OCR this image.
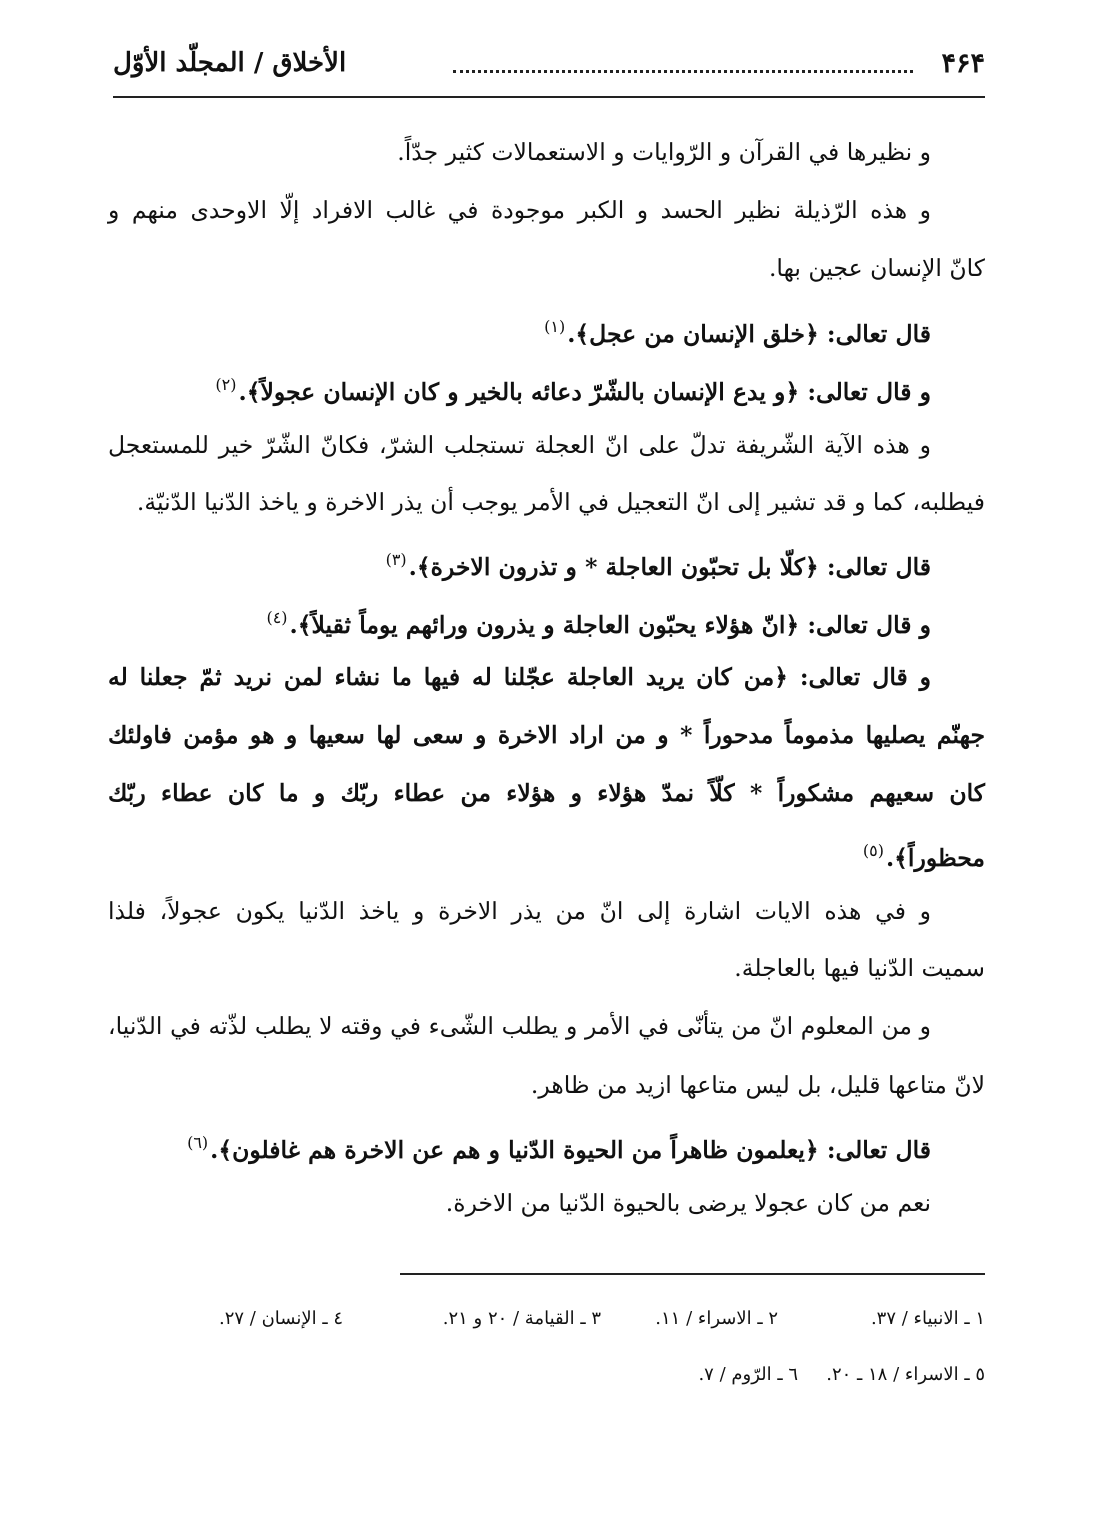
۴۶۴
الأخلاق / المجلّد الأوّل
و نظيرها في القرآن و الرّوايات و الاستعمالات كثير جدّاً.
و هذه الرّذيلة نظير الحسد و الكبر موجودة في غالب الافراد إلّا الاوحدى منهم و
كانّ الإنسان عجين بها.
قال تعالى: ﴿خلق الإنسان من عجل﴾.$^{(١)}$
و قال تعالى: ﴿و يدع الإنسان بالشّرّ دعائه بالخير و كان الإنسان عجولاً﴾.$^{(٢)}$
و هذه الآية الشّريفة تدلّ على انّ العجلة تستجلب الشرّ، فكانّ الشّرّ خير للمستعجل
فيطلبه، كما و قد تشير إلى انّ التعجيل في الأمر يوجب أن يذر الاخرة و ياخذ الدّنيا الدّنيّة.
قال تعالى: ﴿كلّا بل تحبّون العاجلة * و تذرون الاخرة﴾.$^{(٣)}$
و قال تعالى: ﴿انّ هؤلاء يحبّون العاجلة و يذرون ورائهم يوماً ثقيلاً﴾.$^{(٤)}$
و قال تعالى: ﴿من كان يريد العاجلة عجّلنا له فيها ما نشاء لمن نريد ثمّ جعلنا له
جهنّم يصليها مذموماً مدحوراً * و من اراد الاخرة و سعى لها سعيها و هو مؤمن فاولئك
كان سعيهم مشكوراً * كلّاً نمدّ هؤلاء و هؤلاء من عطاء ربّك و ما كان عطاء ربّك
محظوراً﴾.$^{(٥)}$
و في هذه الايات اشارة إلى انّ من يذر الاخرة و ياخذ الدّنيا يكون عجولاً، فلذا
سميت الدّنيا فيها بالعاجلة.
و من المعلوم انّ من يتأنّى في الأمر و يطلب الشّىء في وقته لا يطلب لذّته في الدّنيا،
لانّ متاعها قليل، بل ليس متاعها ازيد من ظاهر.
قال تعالى: ﴿يعلمون ظاهراً من الحيوة الدّنيا و هم عن الاخرة هم غافلون﴾.$^{(٦)}$
نعم من كان عجولا يرضى بالحيوة الدّنيا من الاخرة.
١ ـ الانبياء / ٣٧.
٢ ـ الاسراء / ١١.
٣ ـ القيامة / ٢٠ و ٢١.
٤ ـ الإنسان / ٢٧.
٥ ـ الاسراء / ١٨ ـ ٢٠.
٦ ـ الرّوم / ٧.
